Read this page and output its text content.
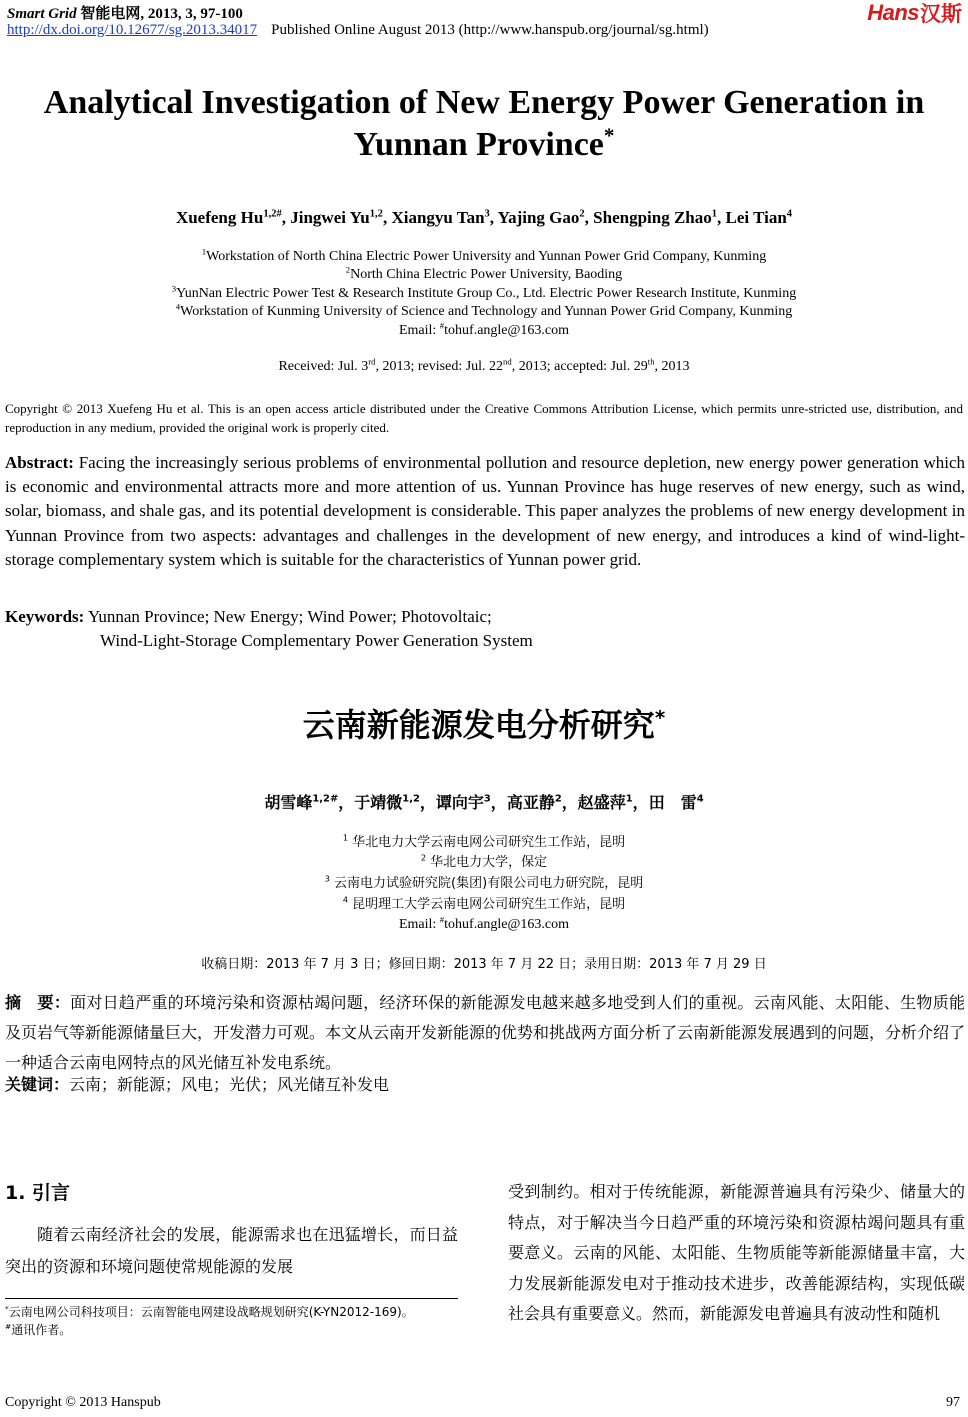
Smart Grid 智能电网, 2013, 3, 97-100
http://dx.doi.org/10.12677/sg.2013.34017 Published Online August 2013 (http://www.hanspub.org/journal/sg.html)
Hans 汉斯
Analytical Investigation of New Energy Power Generation in
Yunnan Province*
Xuefeng $Hu^{1,2\#}$, Jingwei Yu$^{1,2}$, Xiangyu Tan$^3$, Yajing Gao$^2$, Shengping Zhao$^1$, Lei Tian$^4$
$^1$Workstation of North China Electric Power University and Yunnan Power Grid Company, Kunming
$^2$North China Electric Power University, Baoding
$^3$YunNan Electric Power Test & Research Institute Group Co., Ltd. Electric Power Research Institute, Kunming
$^4$Workstation of Kunming University of Science and Technology and Yunnan Power Grid Company, Kunming
Email: #tohuf.angle@163.com
Received: Jul. 3rd, 2013; revised: Jul. 22nd, 2013; accepted: Jul. 29th, 2013
Copyright © 2013 Xuefeng Hu et al. This is an open access article distributed under the Creative Commons Attribution License, which permits unre-stricted use, distribution, and reproduction in any medium, provided the original work is properly cited.
Abstract: Facing the increasingly serious problems of environmental pollution and resource depletion, new energy power generation which is economic and environmental attracts more and more attention of us. Yunnan Province has huge reserves of new energy, such as wind, solar, biomass, and shale gas, and its potential development is considerable. This paper analyzes the problems of new energy development in Yunnan Province from two aspects: advantages and challenges in the development of new energy, and introduces a kind of wind-light-storage complementary system which is suitable for the characteristics of Yunnan power grid.
Keywords: Yunnan Province; New Energy; Wind Power; Photovoltaic;
Wind-Light-Storage Complementary Power Generation System
云南新能源发电分析研究*
胡雪峰$^{1,2\#}$，于靖微$^{1,2}$，谭向宇$^3$，高亚静$^2$，赵盛萍$^1$，田　雷$^4$
$^1$ 华北电力大学云南电网公司研究生工作站，昆明
$^2$ 华北电力大学，保定
$^3$ 云南电力试验研究院(集团)有限公司电力研究院，昆明
$^4$ 昆明理工大学云南电网公司研究生工作站，昆明
Email: #tohuf.angle@163.com
收稿日期：2013 年 7 月 3 日；修回日期：2013 年 7 月 22 日；录用日期：2013 年 7 月 29 日
摘　要：面对日趋严重的环境污染和资源枯竭问题，经济环保的新能源发电越来越多地受到人们的重视。云南风能、太阳能、生物质能及页岩气等新能源储量巨大，开发潜力可观。本文从云南开发新能源的优势和挑战两方面分析了云南新能源发展遇到的问题，分析介绍了一种适合云南电网特点的风光储互补发电系统。
关键词：云南；新能源；风电；光伏；风光储互补发电
1. 引言
随着云南经济社会的发展，能源需求也在迅猛增长，而日益突出的资源和环境问题使常规能源的发展
受到制约。相对于传统能源，新能源普遍具有污染少、储量大的特点，对于解决当今日趋严重的环境污染和资源枯竭问题具有重要意义。云南的风能、太阳能、生物质能等新能源储量丰富，大力发展新能源发电对于推动技术进步，改善能源结构，实现低碳社会具有重要意义。然而，新能源发电普遍具有波动性和随机
*云南电网公司科技项目：云南智能电网建设战略规划研究(K-YN2012-169)。
#通讯作者。
Copyright © 2013 Hanspub	97
